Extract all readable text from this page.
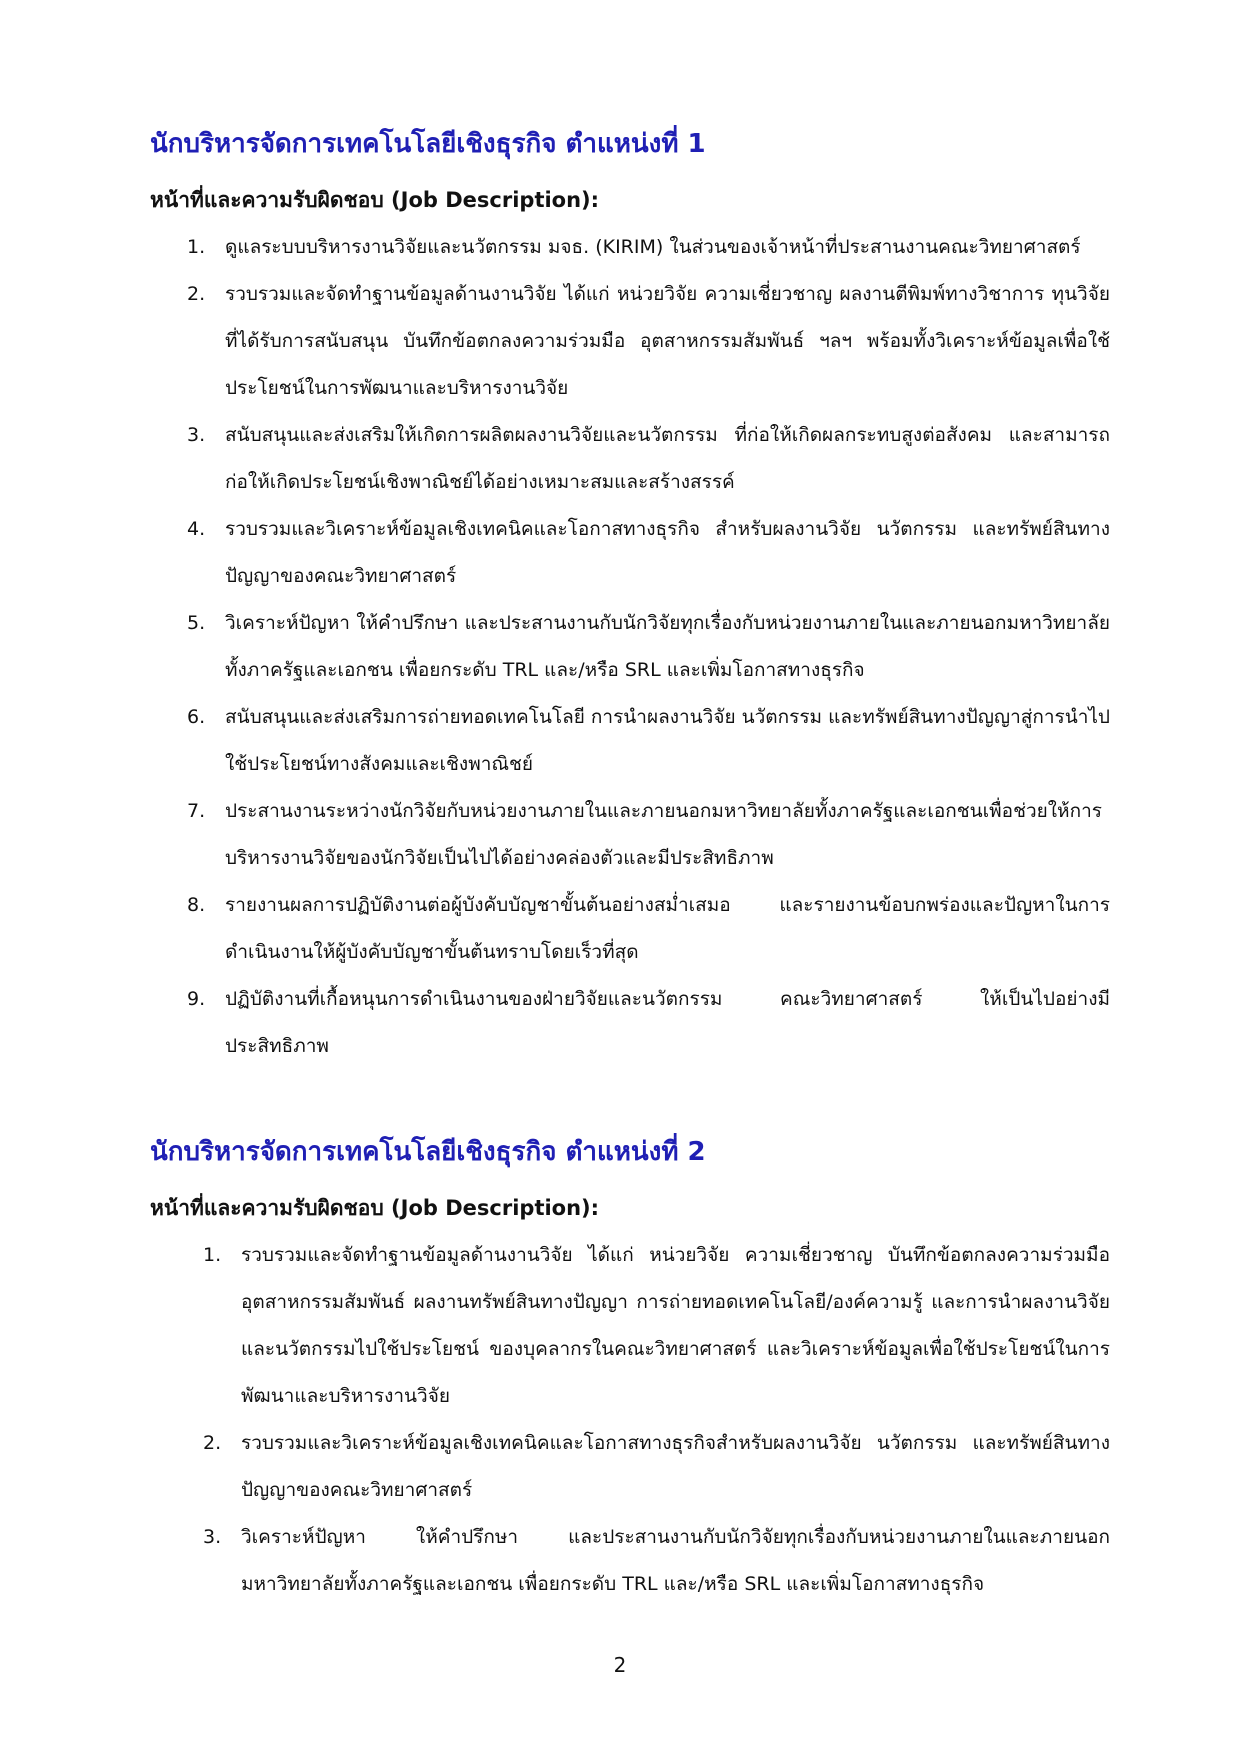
นักบริหารจัดการเทคโนโลยีเชิงธุรกิจ ตำแหน่งที่ 1
หน้าที่และความรับผิดชอบ (Job Description):
1.	ดูแลระบบบริหารงานวิจัยและนวัตกรรม มจธ. (KIRIM) ในส่วนของเจ้าหน้าที่ประสานงานคณะวิทยาศาสตร์
2.	รวบรวมและจัดทำฐานข้อมูลด้านงานวิจัย ได้แก่ หน่วยวิจัย ความเชี่ยวชาญ ผลงานตีพิมพ์ทางวิชาการ ทุนวิจัยที่ได้รับการสนับสนุน บันทึกข้อตกลงความร่วมมือ อุตสาหกรรมสัมพันธ์ ฯลฯ พร้อมทั้งวิเคราะห์ข้อมูลเพื่อใช้ประโยชน์ในการพัฒนาและบริหารงานวิจัย
3.	สนับสนุนและส่งเสริมให้เกิดการผลิตผลงานวิจัยและนวัตกรรม ที่ก่อให้เกิดผลกระทบสูงต่อสังคม และสามารถก่อให้เกิดประโยชน์เชิงพาณิชย์ได้อย่างเหมาะสมและสร้างสรรค์
4.	รวบรวมและวิเคราะห์ข้อมูลเชิงเทคนิคและโอกาสทางธุรกิจ สำหรับผลงานวิจัย นวัตกรรม และทรัพย์สินทางปัญญาของคณะวิทยาศาสตร์
5.	วิเคราะห์ปัญหา ให้คำปรึกษา และประสานงานกับนักวิจัยทุกเรื่องกับหน่วยงานภายในและภายนอกมหาวิทยาลัยทั้งภาครัฐและเอกชน เพื่อยกระดับ TRL และ/หรือ SRL และเพิ่มโอกาสทางธุรกิจ
6.	สนับสนุนและส่งเสริมการถ่ายทอดเทคโนโลยี การนำผลงานวิจัย นวัตกรรม และทรัพย์สินทางปัญญาสู่การนำไปใช้ประโยชน์ทางสังคมและเชิงพาณิชย์
7.	ประสานงานระหว่างนักวิจัยกับหน่วยงานภายในและภายนอกมหาวิทยาลัยทั้งภาครัฐและเอกชนเพื่อช่วยให้การบริหารงานวิจัยของนักวิจัยเป็นไปได้อย่างคล่องตัวและมีประสิทธิภาพ
8.	รายงานผลการปฏิบัติงานต่อผู้บังคับบัญชาขั้นต้นอย่างสม่ำเสมอ และรายงานข้อบกพร่องและปัญหาในการดำเนินงานให้ผู้บังคับบัญชาขั้นต้นทราบโดยเร็วที่สุด
9.	ปฏิบัติงานที่เกื้อหนุนการดำเนินงานของฝ่ายวิจัยและนวัตกรรม คณะวิทยาศาสตร์ ให้เป็นไปอย่างมีประสิทธิภาพ
นักบริหารจัดการเทคโนโลยีเชิงธุรกิจ ตำแหน่งที่ 2
หน้าที่และความรับผิดชอบ (Job Description):
1.	รวบรวมและจัดทำฐานข้อมูลด้านงานวิจัย ได้แก่ หน่วยวิจัย ความเชี่ยวชาญ บันทึกข้อตกลงความร่วมมือ อุตสาหกรรมสัมพันธ์ ผลงานทรัพย์สินทางปัญญา การถ่ายทอดเทคโนโลยี/องค์ความรู้ และการนำผลงานวิจัยและนวัตกรรมไปใช้ประโยชน์ ของบุคลากรในคณะวิทยาศาสตร์ และวิเคราะห์ข้อมูลเพื่อใช้ประโยชน์ในการพัฒนาและบริหารงานวิจัย
2.	รวบรวมและวิเคราะห์ข้อมูลเชิงเทคนิคและโอกาสทางธุรกิจสำหรับผลงานวิจัย นวัตกรรม และทรัพย์สินทางปัญญาของคณะวิทยาศาสตร์
3.	วิเคราะห์ปัญหา ให้คำปรึกษา และประสานงานกับนักวิจัยทุกเรื่องกับหน่วยงานภายในและภายนอกมหาวิทยาลัยทั้งภาครัฐและเอกชน เพื่อยกระดับ TRL และ/หรือ SRL และเพิ่มโอกาสทางธุรกิจ
2
